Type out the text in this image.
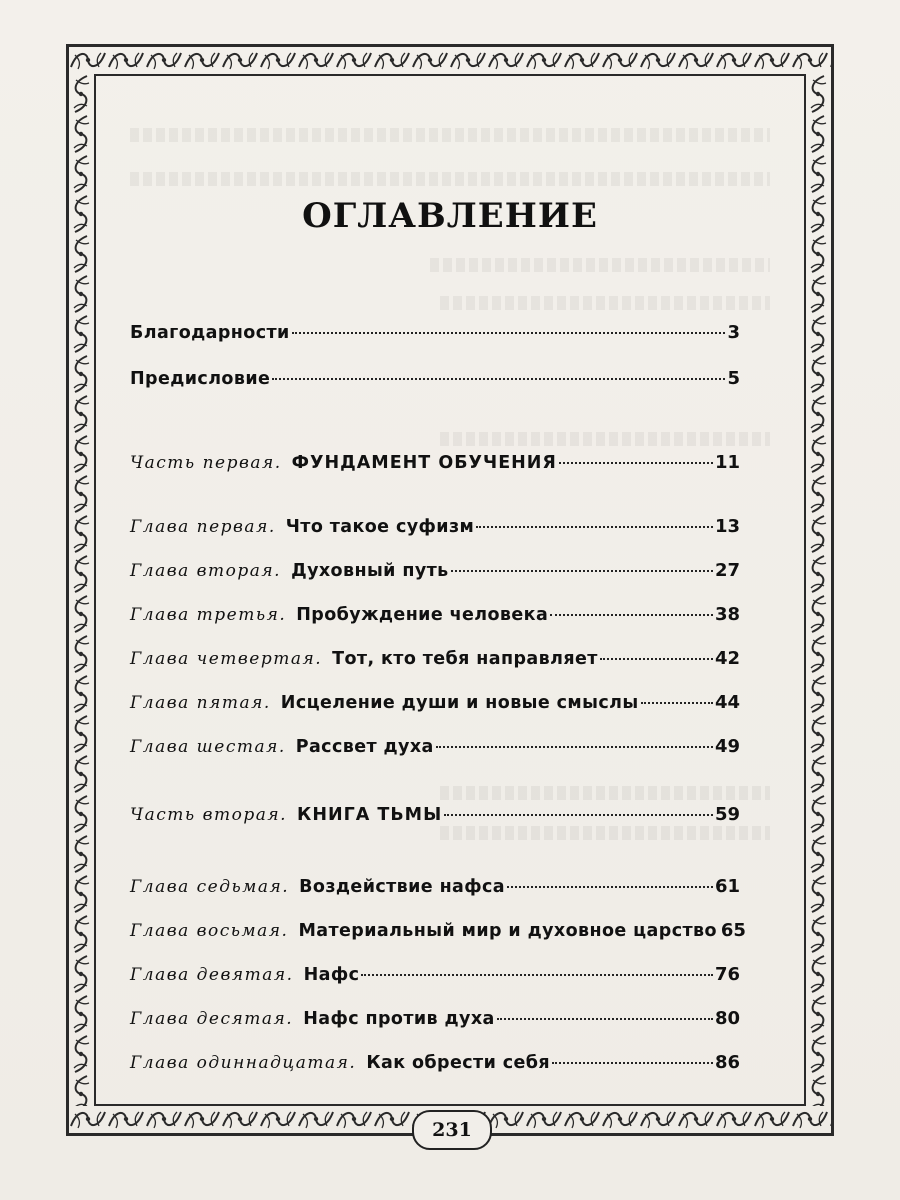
ОГЛАВЛЕНИЕ
Благодарности	3
Предисловие	5
Часть первая. ФУНДАМЕНТ ОБУЧЕНИЯ	11
Глава первая. Что такое суфизм	13
Глава вторая. Духовный путь	27
Глава третья. Пробуждение человека	38
Глава четвертая. Тот, кто тебя направляет	42
Глава пятая. Исцеление души и новые смыслы	44
Глава шестая. Рассвет духа	49
Часть вторая. КНИГА ТЬМЫ	59
Глава седьмая. Воздействие нафса	61
Глава восьмая. Материальный мир и духовное царство 65
Глава девятая. Нафс	76
Глава десятая. Нафс против духа	80
Глава одиннадцатая. Как обрести себя	86
231
